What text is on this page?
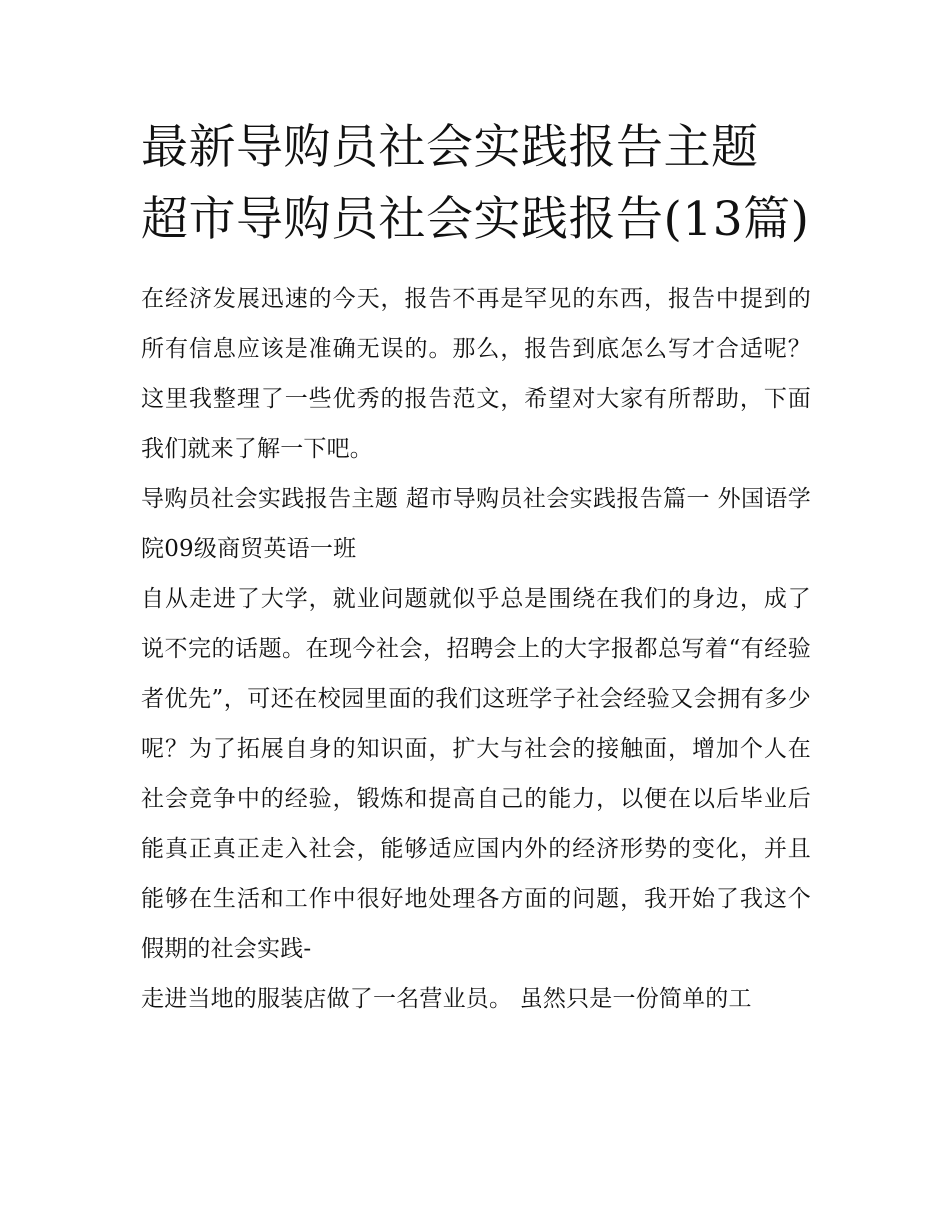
最新导购员社会实践报告主题 超市导购员社会实践报告(13篇)

在经济发展迅速的今天，报告不再是罕见的东西，报告中提到的所有信息应该是准确无误的。那么，报告到底怎么写才合适呢？这里我整理了一些优秀的报告范文，希望对大家有所帮助，下面我们就来了解一下吧。

导购员社会实践报告主题 超市导购员社会实践报告篇一 外国语学院09级商贸英语一班

自从走进了大学，就业问题就似乎总是围绕在我们的身边，成了说不完的话题。在现今社会，招聘会上的大字报都总写着“有经验者优先”，可还在校园里面的我们这班学子社会经验又会拥有多少呢？为了拓展自身的知识面，扩大与社会的接触面，增加个人在社会竞争中的经验，锻炼和提高自己的能力，以便在以后毕业后能真正真正走入社会，能够适应国内外的经济形势的变化，并且能够在生活和工作中很好地处理各方面的问题，我开始了我这个假期的社会实践-

走进当地的服装店做了一名营业员。 虽然只是一份简单的工
